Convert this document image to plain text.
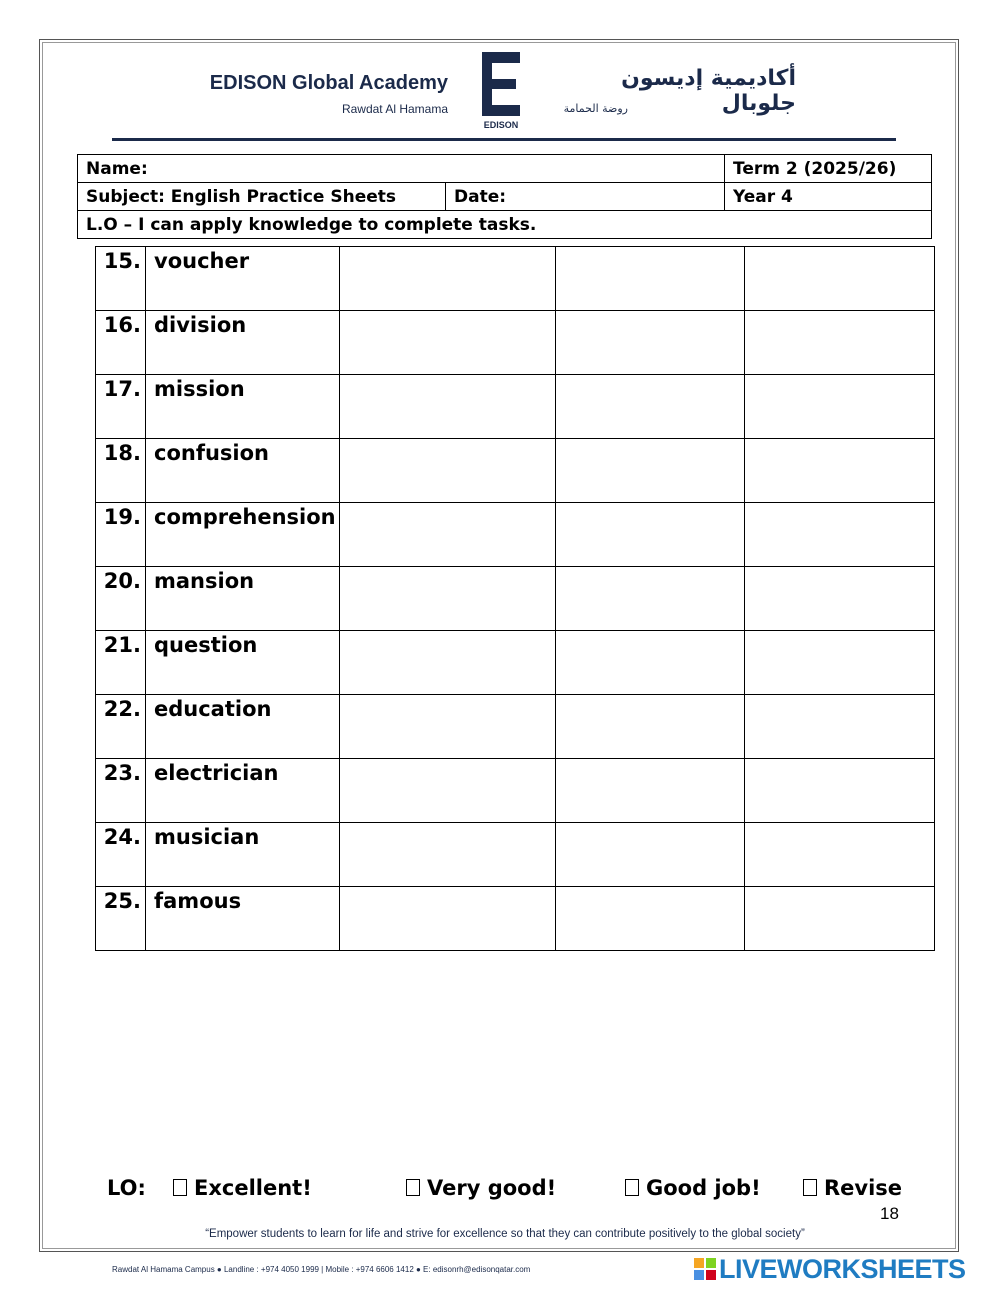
EDISON Global Academy
Rawdat Al Hamama
EDISON
أكاديمية إديسون جلوبال
روضة الحمامة
Name:		Term 2 (2025/26)
Subject: English Practice Sheets	Date:	Year 4
L.O – I can apply knowledge to complete tasks.		
15.	voucher			
16.	division			
17.	mission			
18.	confusion			
19.	comprehension			
20.	mansion			
21.	question			
22.	education			
23.	electrician			
24.	musician			
25.	famous			
LO:	Excellent!	Very good!	Good job!	Revise
18
“Empower students to learn for life and strive for excellence so that they can contribute positively to the global society”
Rawdat Al Hamama Campus ● Landline : +974 4050 1999 | Mobile : +974 6606 1412 ● E: edisonrh@edisonqatar.com	LIVEWORKSHEETS
